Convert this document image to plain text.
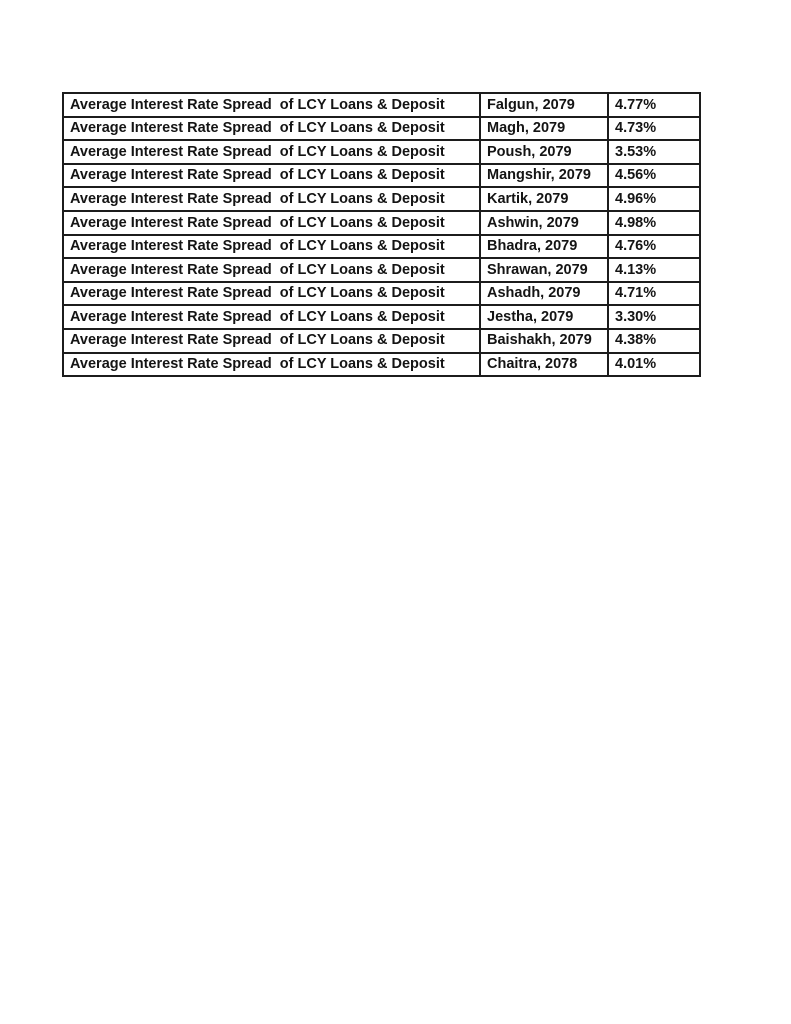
Average Interest Rate Spread  of LCY Loans & Deposit	Falgun, 2079	4.77%
Average Interest Rate Spread  of LCY Loans & Deposit	Magh, 2079	4.73%
Average Interest Rate Spread  of LCY Loans & Deposit	Poush, 2079	3.53%
Average Interest Rate Spread  of LCY Loans & Deposit	Mangshir, 2079	4.56%
Average Interest Rate Spread  of LCY Loans & Deposit	Kartik, 2079	4.96%
Average Interest Rate Spread  of LCY Loans & Deposit	Ashwin, 2079	4.98%
Average Interest Rate Spread  of LCY Loans & Deposit	Bhadra, 2079	4.76%
Average Interest Rate Spread  of LCY Loans & Deposit	Shrawan, 2079	4.13%
Average Interest Rate Spread  of LCY Loans & Deposit	Ashadh, 2079	4.71%
Average Interest Rate Spread  of LCY Loans & Deposit	Jestha, 2079	3.30%
Average Interest Rate Spread  of LCY Loans & Deposit	Baishakh, 2079	4.38%
Average Interest Rate Spread  of LCY Loans & Deposit	Chaitra, 2078	4.01%
